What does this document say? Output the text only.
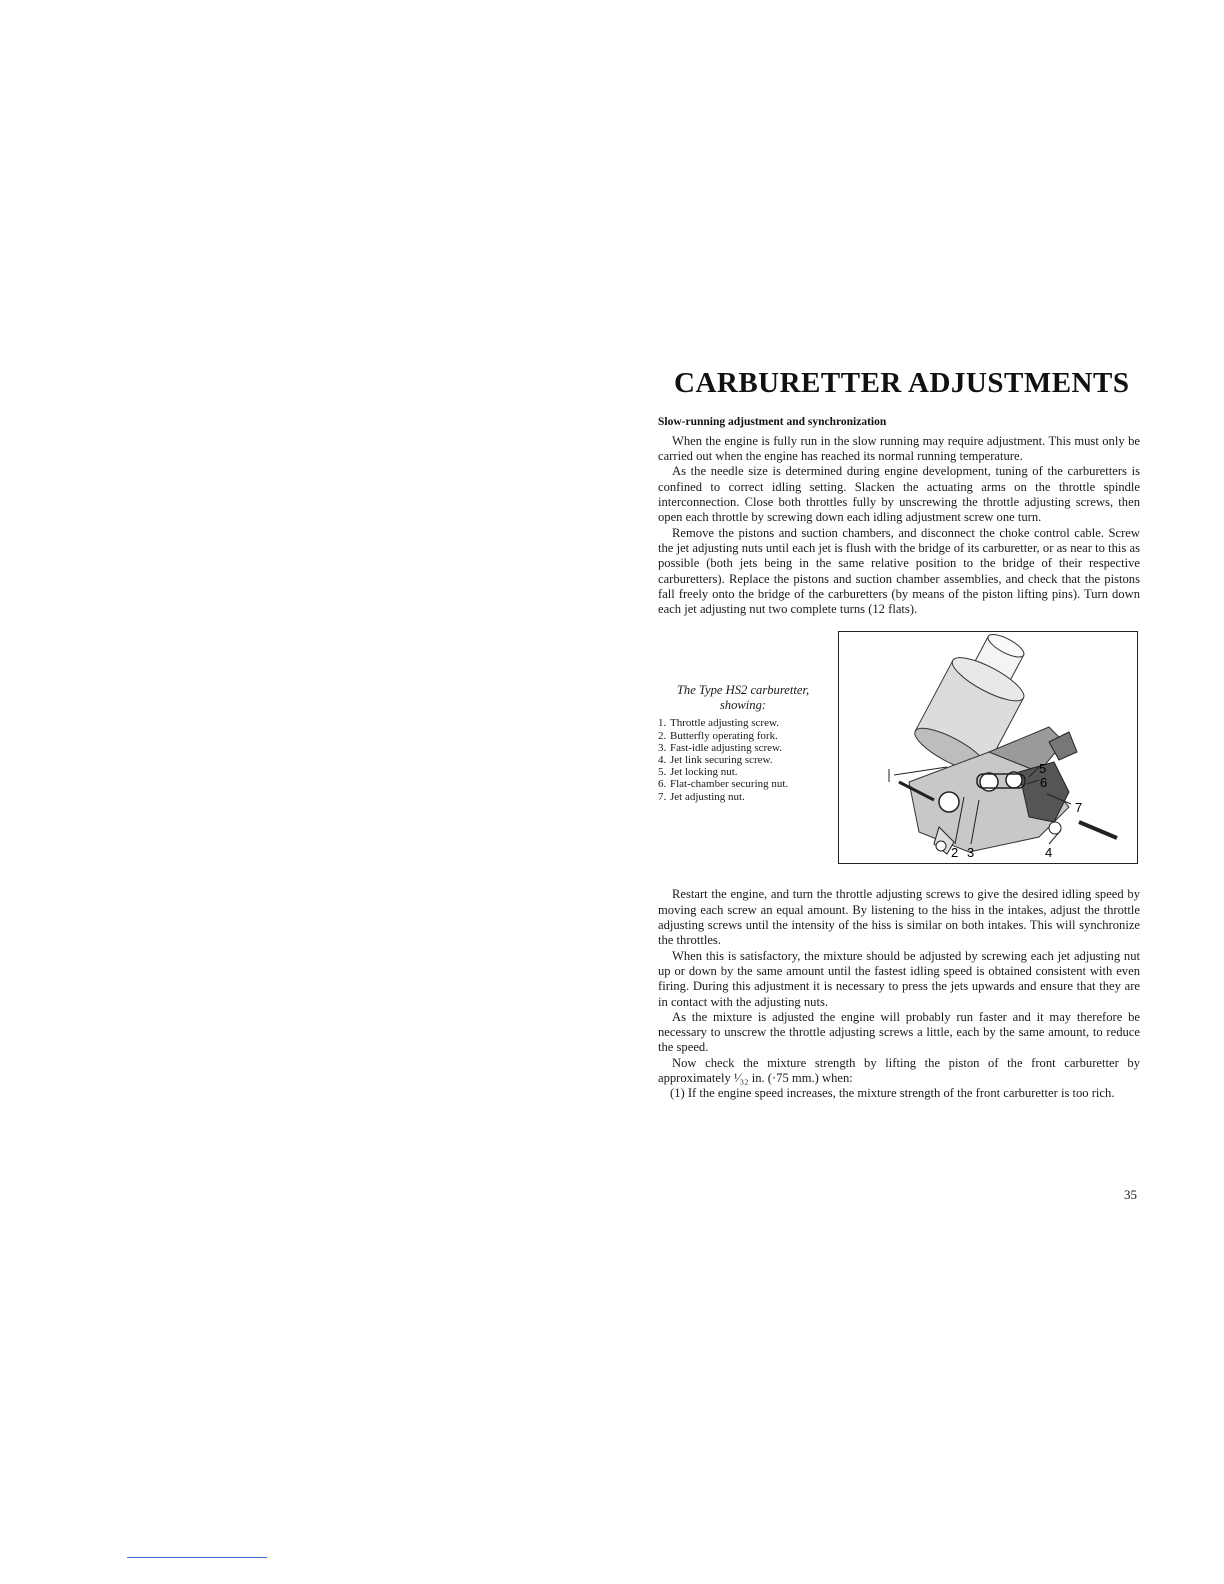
CARBURETTER ADJUSTMENTS
Slow-running adjustment and synchronization

When the engine is fully run in the slow running may require adjustment. This must only be carried out when the engine has reached its normal running temperature.

As the needle size is determined during engine development, tuning of the carburetters is confined to correct idling setting. Slacken the actuating arms on the throttle spindle interconnection. Close both throttles fully by unscrewing the throttle adjusting screws, then open each throttle by screwing down each idling adjustment screw one turn.

Remove the pistons and suction chambers, and disconnect the choke control cable. Screw the jet adjusting nuts until each jet is flush with the bridge of its carburetter, or as near to this as possible (both jets being in the same relative position to the bridge of their respective carburetters). Replace the pistons and suction chamber assemblies, and check that the pistons fall freely onto the bridge of the carburetters (by means of the piston lifting pins). Turn down each jet adjusting nut two complete turns (12 flats).

The Type HS2 carburetter, showing:
1. Throttle adjusting screw.
2. Butterfly operating fork.
3. Fast-idle adjusting screw.
4. Jet link securing screw.
5. Jet locking nut.
6. Flat-chamber securing nut.
7. Jet adjusting nut.
5
6
7
2 3	4

Restart the engine, and turn the throttle adjusting screws to give the desired idling speed by moving each screw an equal amount. By listening to the hiss in the intakes, adjust the throttle adjusting screws until the intensity of the hiss is similar on both intakes. This will synchronize the throttles.

When this is satisfactory, the mixture should be adjusted by screwing each jet adjusting nut up or down by the same amount until the fastest idling speed is obtained consistent with even firing. During this adjustment it is necessary to press the jets upwards and ensure that they are in contact with the adjusting nuts.

As the mixture is adjusted the engine will probably run faster and it may therefore be necessary to unscrew the throttle adjusting screws a little, each by the same amount, to reduce the speed.

Now check the mixture strength by lifting the piston of the front carburetter by approximately ¹⁄₃₂ in. (·75 mm.) when:

(1) If the engine speed increases, the mixture strength of the front carburetter is too rich.

35
